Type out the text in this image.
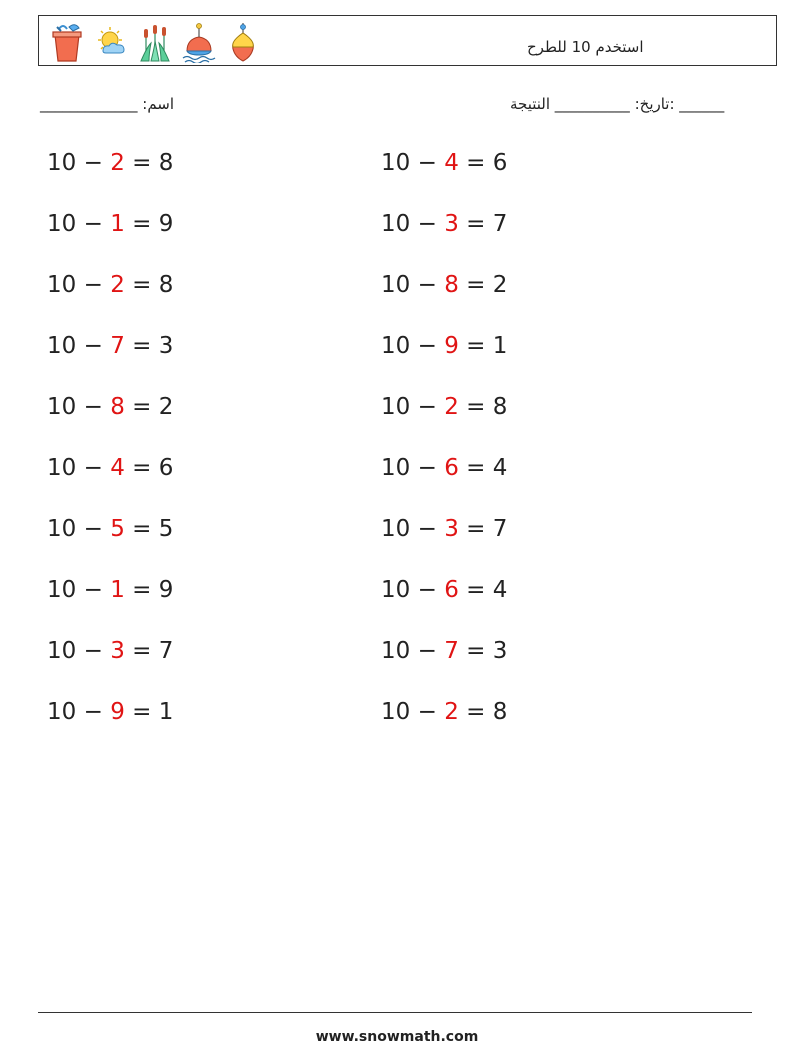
استخدم 10 للطرح
اسم: _____________	______ :تاريخ: __________ النتيجة
10 − 2 = 8	10 − 4 = 6
10 − 1 = 9	10 − 3 = 7
10 − 2 = 8	10 − 8 = 2
10 − 7 = 3	10 − 9 = 1
10 − 8 = 2	10 − 2 = 8
10 − 4 = 6	10 − 6 = 4
10 − 5 = 5	10 − 3 = 7
10 − 1 = 9	10 − 6 = 4
10 − 3 = 7	10 − 7 = 3
10 − 9 = 1	10 − 2 = 8
www.snowmath.com
